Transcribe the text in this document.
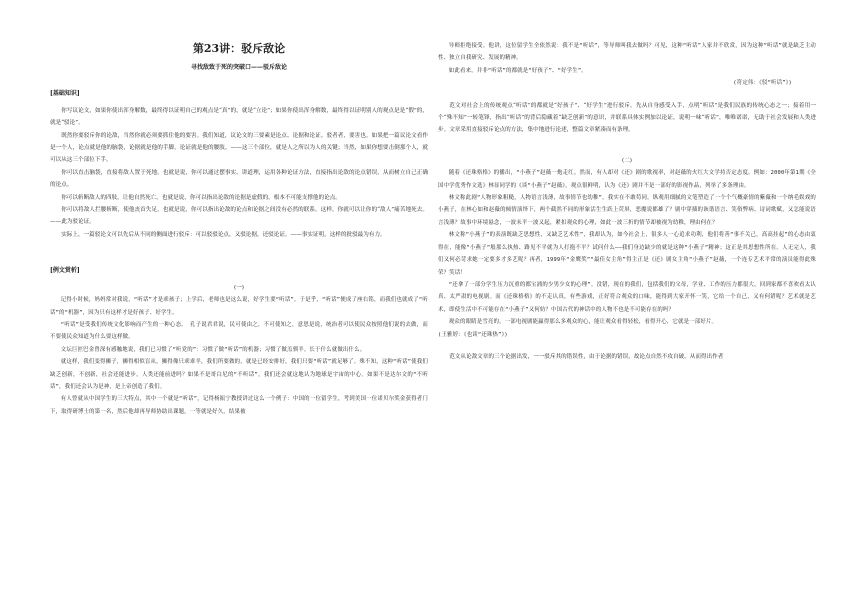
第23讲：驳斥敌论
寻找敌致于死的突破口——驳斥敌论
[基础知识]

你写议论文，如果你使出浑身解数，最终得以证明自己的观点是“真”的，就是“立论”；如果你使出浑身解数，最终得以证明别人的观点是是“假”的，就是“驳论”。

既然你要驳斥你的论敌，当然你就必须要抓住他的要害。我们知道，议论文的三要素是论点、论据和论证。驳者者，要害也。如果把一篇议论文看作是一个人，论点就是他的脑袋，论据就是他的手脚，论证就是他的腰肢。——这三个部位，就是人之所以为人的关键；当然，如果你想要击倒那个人，就可以从这三个部位下手。

你可以直击脑袋，直接将敌人置于死地。也就是说，你可以通过摆事实、讲道理，运用各种论证方法，直接指出论敌的论点错误，从而树立自己正确的论点。

你可以斩断敌人的四肢，让他自然死亡。也就是说，你可以指出论敌的论据是虚假的，根本不可能支撑他的论点。

你可以将敌人拦腰斩断，使他丧首失足，也就是说，你可以指出论敌的论点和论据之间没有必然的联系。这样，你就可以让你的“敌人”痛苦地死去。——此为驳论证。

实际上，一篇驳论文可以先后从不同的侧面进行驳斥：可以驳驳论点，又驳论据，还驳论证。——事实证明，这样的批驳最为有力。

[例文赏析]

(一)

记得小时候，妈妈常对我说，“听话”才是乖孩子；上学后，老师也是这么说，好学生要“听话”。于是乎，“听话”便成了座右铭，而我们也就成了“听话”的“机器”，因为只有这样才是好孩子、好学生。

“听话”是受我们传统文化影响而产生的一种心态。　孔子说君君说，民可使由之，不可使知之，意思是说，统治者可以使民众按照他们说的去做，而不要使民众知道为什么要这样做。

文坛巨匠巴金曾深有感触地说，我们已习惯了“听党的”：习惯了做“听话”的机器；习惯了做羔驯羊。长于什么就做出什么。

就这样，我们变得狮子，狮得相似盲从，狮得像只乖乖羊，我们所要做的，就是已经安排好，我们只要“听话”就足够了。殊不知，这种“听话”使我们缺乏创新，不创新，社会还能进步，人类还能前进吗？如果不是哥白尼的“不听话”，我们还会就这地认为地球是宇宙的中心。如果不是达尔文的“不听话”，我们还会认为是神，是上帝创造了我们。

有人曾就从中国学生的三大特点，其中一个就是“听话”，记得杨振宁教授讲过这么一个例子：中国的一位留学生，考到美国一位诺贝尔奖金获得者门下，取得研博士的第一名，然后他却再导师协助出课题，一等就是好久，结果被

导师拒绝接受。他讲，这位留学生全依然说：我不是“听话”，等导师叫我去做吗？可见，这种“听话”人家并不欣赏，因为这种“听话”就是缺乏主动性、独立自我研究、发展的精神。

如此看来，并非“听话”的都就是“好孩子”、“好学生”。

(符定伟：《驳“听话”》)

范文对社会上的传统观点“听话”的都就是“好孩子”、“好学生”进行驳斥。先从自身感受入手，点明“听话”是我们民族的传统心态之一；接着用一个“殊不知”一转笔锋，指出“听话”的背后隐藏着“缺乏创新”的意识，并联系具体实例加以论证，说明一味“听话”，唯唯诺诺，无助于社会发展和人类进步。文章采用直接驳斥论点的方法，集中地进行论述，整篇文章紧凑而有条理。

(二)

随着《还珠格格》的播出，“小燕子”赵薇一炮走红。然而，有人却对《还》剧的歌视率，对赵薇的火红大文学持否定态度。例如：2000年第1期《全国中学优秀作文选》林显同学的《谈“小燕子”赵薇》，观点很鲜明，认为《还》剧并不是一部好的影视作品，列举了多条理由。

林文称此剧“人物形象粗糙，人物语言浅薄，故事情节也幼稚”，我实在不敢苟同。纵观用细腻的文笔塑造了一个个气概豪情的紫薇和一个纳毛娱戏的小燕子，在林心如和赵薇的倾情演绎下，两个截然不同的形象活生生跃上荧屏，恶魔说都雄了？剧中穿插的诙谐语言、笑俗弊病、诗词歌赋，又怎能说语言浅薄？故事中环境悬念，一波未平一波又起，紧扣观众的心理，如此一波三折的情节却被视为幼稚，理由何在？

林文称“小燕子”的表演既缺乏思想性，又缺乏艺术性”，我却认为，如今社会上，很多人一心追求功利，他们将善“事不关己，高高挂起”的心态由衷得在，能像“小燕子”般那么执热、路见不平就为人打抱不平？试问什么——我们身边缺少的就是这种“小燕子”精神；这正是其思想性所在。人无完人，我们又何必苛求她一定要多才多艺呢？再者，1999年“金鹰奖”“最佳女主角”得主正是《还》剧女主角“小燕子”赵薇，一个连专艺术平常的演员能得此殊荣？笑话！

“还拿了一部分学生压力沉重的都宝浦的少男少女的心理”。没错，现在的我们，包括我们的父母，学业、工作的压力都很大，回到家都不喜欢看太认真、太严肃的电视剧。而《还珠格格》的不走认真，有些游戏，正好符合观众的口味，能得到大家开怀一笑，它给一个自己，又有何错呢？艺术就是艺术，即使生活中不可能存在“小燕子”又何妨？中国古代的神话中的人物不也是不可能存在的吗？

观众的眼睛是雪亮的，一部电视剧能赢得那么多观众的心，能让观众看得轻松，看得开心，它就是一部好片。

(王雅婷：《也谈“还珠热”》)

范文从论敌文章的三个论据出发，一一驳斥其的错误性，由于论据的错误，故论点自然不攻自破，从而得出作者
